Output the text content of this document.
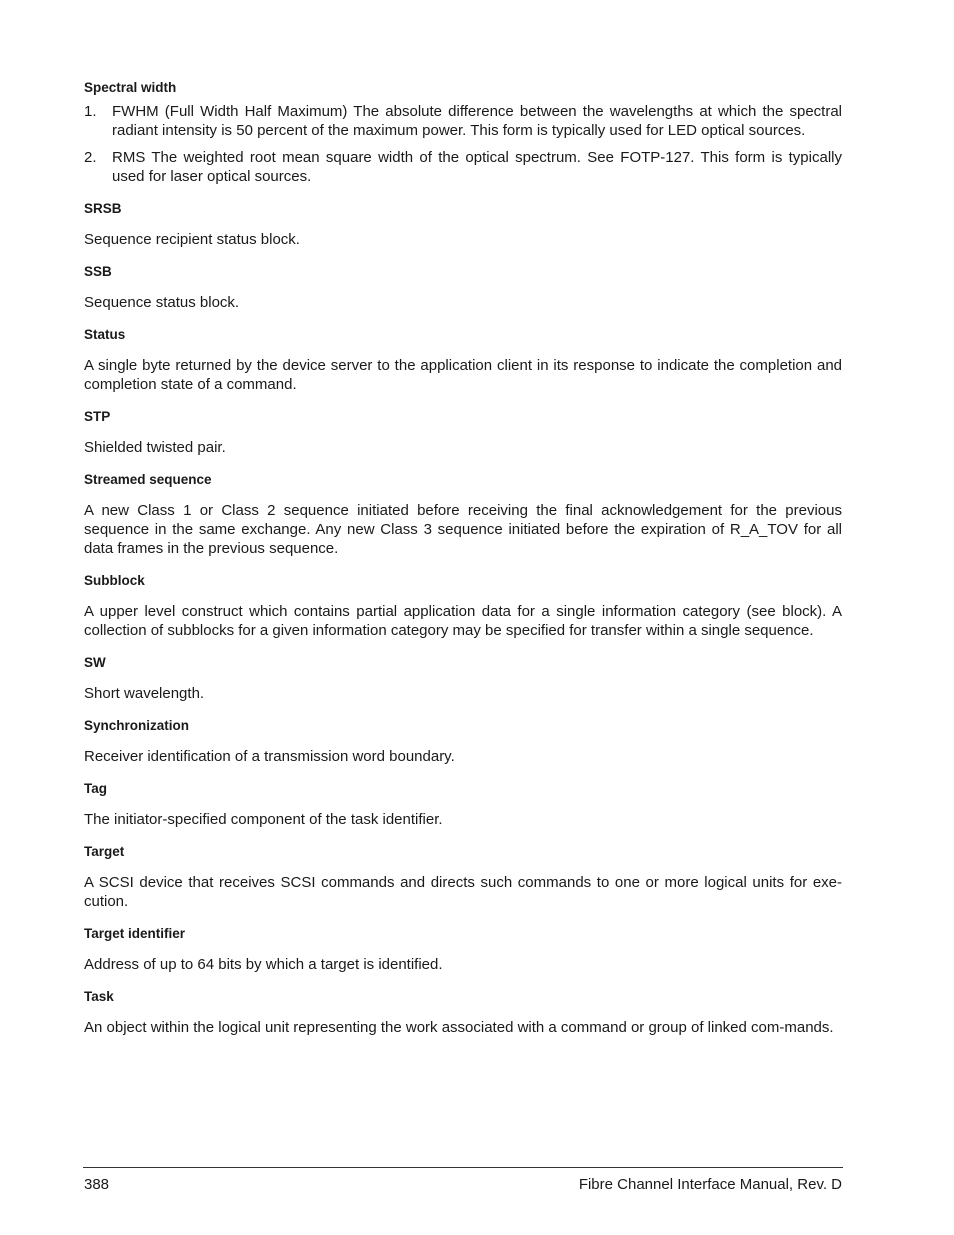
Spectral width

1.	FWHM (Full Width Half Maximum) The absolute difference between the wavelengths at which the spectral radiant intensity is 50 percent of the maximum power. This form is typically used for LED optical sources.
2.	RMS The weighted root mean square width of the optical spectrum. See FOTP-127. This form is typically used for laser optical sources.

SRSB

Sequence recipient status block.

SSB

Sequence status block.

Status

A single byte returned by the device server to the application client in its response to indicate the completion and completion state of a command.

STP

Shielded twisted pair.

Streamed sequence

A new Class 1 or Class 2 sequence initiated before receiving the final acknowledgement for the previous sequence in the same exchange. Any new Class 3 sequence initiated before the expiration of R_A_TOV for all data frames in the previous sequence.

Subblock

A upper level construct which contains partial application data for a single information category (see block). A collection of subblocks for a given information category may be specified for transfer within a single sequence.

SW

Short wavelength.

Synchronization

Receiver identification of a transmission word boundary.

Tag

The initiator-specified component of the task identifier.

Target

A SCSI device that receives SCSI commands and directs such commands to one or more logical units for exe-cution.

Target identifier

Address of up to 64 bits by which a target is identified.

Task

An object within the logical unit representing the work associated with a command or group of linked com-mands.

388	Fibre Channel Interface Manual, Rev. D
